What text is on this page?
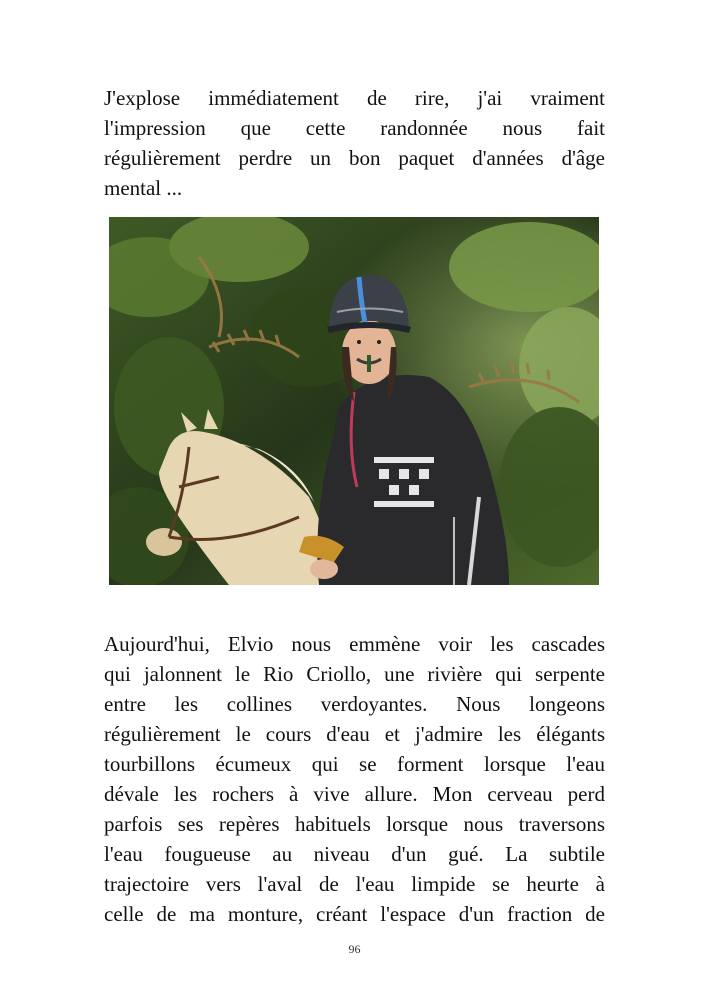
J'explose immédiatement de rire, j'ai vraiment
l'impression que cette randonnée nous fait
régulièrement perdre un bon paquet d'années d'âge
mental ...

Aujourd'hui, Elvio nous emmène voir les cascades
qui jalonnent le Rio Criollo, une rivière qui serpente
entre les collines verdoyantes. Nous longeons
régulièrement le cours d'eau et j'admire les élégants
tourbillons écumeux qui se forment lorsque l'eau
dévale les rochers à vive allure. Mon cerveau perd
parfois ses repères habituels lorsque nous traversons
l'eau fougueuse au niveau d'un gué. La subtile
trajectoire vers l'aval de l'eau limpide se heurte à
celle de ma monture, créant l'espace d'un fraction de

96
